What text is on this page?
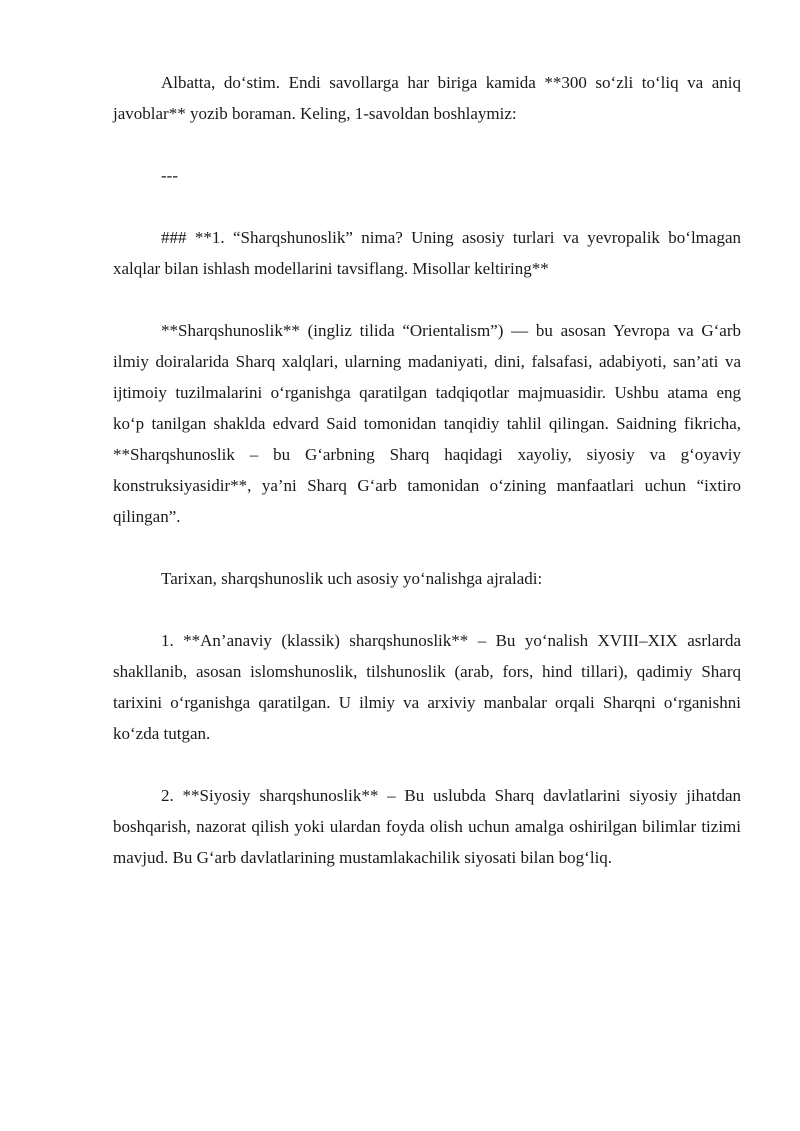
Albatta, do‘stim. Endi savollarga har biriga kamida **300 so‘zli to‘liq va aniq javoblar** yozib boraman. Keling, 1-savoldan boshlaymiz:

---

### **1. “Sharqshunoslik” nima? Uning asosiy turlari va yevropalik bo‘lmagan xalqlar bilan ishlash modellarini tavsiflang. Misollar keltiring**

**Sharqshunoslik** (ingliz tilida “Orientalism”) — bu asosan Yevropa va G‘arb ilmiy doiralarida Sharq xalqlari, ularning madaniyati, dini, falsafasi, adabiyoti, san’ati va ijtimoiy tuzilmalarini o‘rganishga qaratilgan tadqiqotlar majmuasidir. Ushbu atama eng ko‘p tanilgan shaklda edvard Said tomonidan tanqidiy tahlil qilingan. Saidning fikricha, **Sharqshunoslik – bu G‘arbning Sharq haqidagi xayoliy, siyosiy va g‘oyaviy konstruksiyasidir**, ya’ni Sharq G‘arb tamonidan o‘zining manfaatlari uchun “ixtiro qilingan”.

Tarixan, sharqshunoslik uch asosiy yo‘nalishga ajraladi:

1. **An’anaviy (klassik) sharqshunoslik** – Bu yo‘nalish XVIII–XIX asrlarda shakllanib, asosan islomshunoslik, tilshunoslik (arab, fors, hind tillari), qadimiy Sharq tarixini o‘rganishga qaratilgan. U ilmiy va arxiviy manbalar orqali Sharqni o‘rganishni ko‘zda tutgan.

2. **Siyosiy sharqshunoslik** – Bu uslubda Sharq davlatlarini siyosiy jihatdan boshqarish, nazorat qilish yoki ulardan foyda olish uchun amalga oshirilgan bilimlar tizimi mavjud. Bu G‘arb davlatlarining mustamlakachilik siyosati bilan bog‘liq.
